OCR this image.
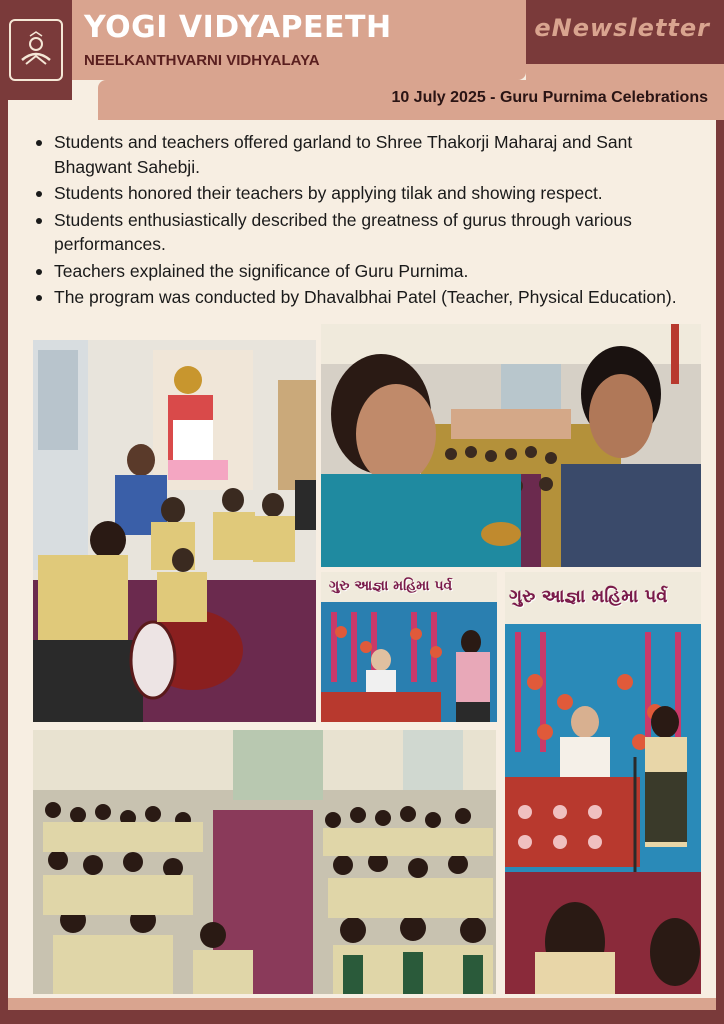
YOGI VIDYAPEETH
NEELKANTHVARNI VIDHYALAYA
eNewsletter
10 July 2025 - Guru Purnima Celebrations
Students and teachers offered garland to Shree Thakorji Maharaj and Sant Bhagwant Sahebji.
Students honored their teachers by applying tilak and showing respect.
Students enthusiastically described the greatness of gurus through various performances.
Teachers explained the significance of Guru Purnima.
The program was conducted by Dhavalbhai Patel (Teacher, Physical Education).
ગુરુ આજ્ઞા મહિમા પર્વ	ગુરુ આજ્ઞા મહિમા પર્વ
